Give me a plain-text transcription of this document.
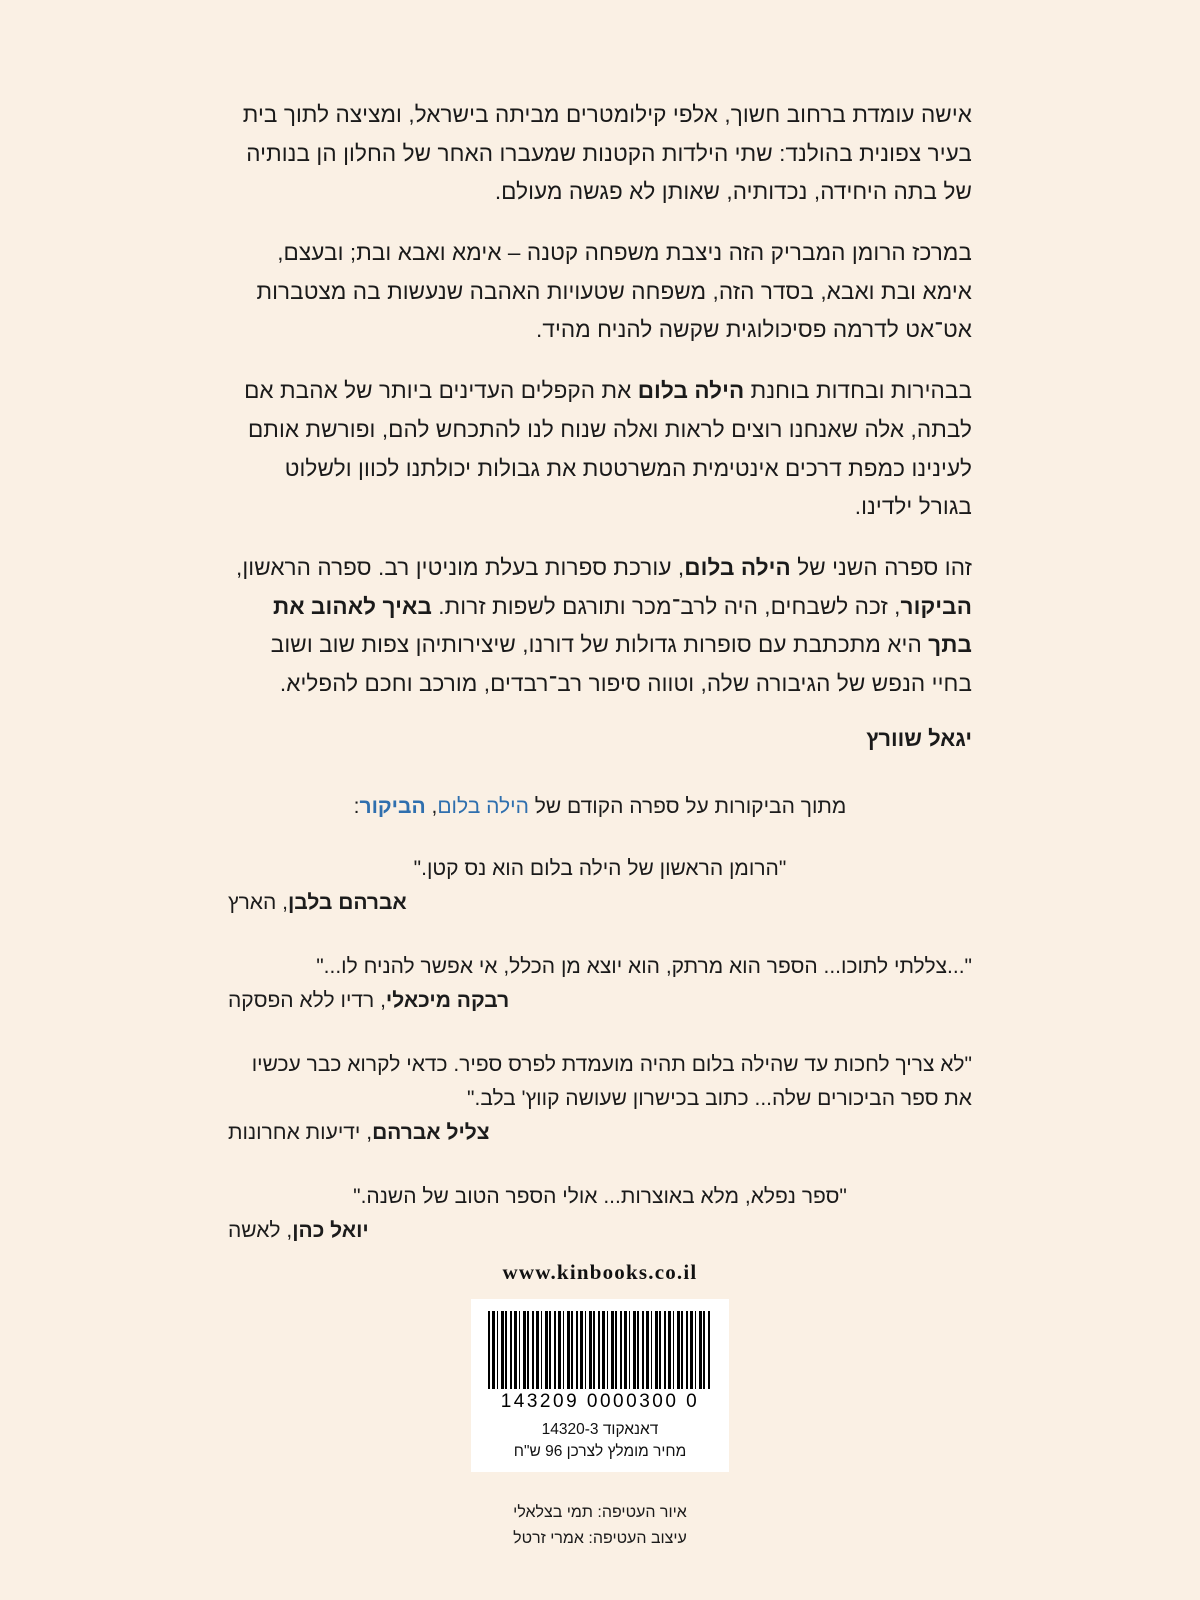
אישה עומדת ברחוב חשוך, אלפי קילומטרים מביתה בישראל, ומציצה לתוך בית בעיר צפונית בהולנד: שתי הילדות הקטנות שמעברו האחר של החלון הן בנותיה של בתה היחידה, נכדותיה, שאותן לא פגשה מעולם.

במרכז הרומן המבריק הזה ניצבת משפחה קטנה – אימא ואבא ובת; ובעצם, אימא ובת ואבא, בסדר הזה, משפחה שטעויות האהבה שנעשות בה מצטברות אט־אט לדרמה פסיכולוגית שקשה להניח מהיד.

בבהירות ובחדות בוחנת הילה בלום את הקפלים העדינים ביותר של אהבת אם לבתה, אלה שאנחנו רוצים לראות ואלה שנוח לנו להתכחש להם, ופורשת אותם לעינינו כמפת דרכים אינטימית המשרטטת את גבולות יכולתנו לכוון ולשלוט בגורל ילדינו.

זהו ספרה השני של הילה בלום, עורכת ספרות בעלת מוניטין רב. ספרה הראשון, הביקור, זכה לשבחים, היה לרב־מכר ותורגם לשפות זרות. באיך לאהוב את בתך היא מתכתבת עם סופרות גדולות של דורנו, שיצירותיהן צפות שוב ושוב בחיי הנפש של הגיבורה שלה, וטווה סיפור רב־רבדים, מורכב וחכם להפליא.

יגאל שוורץ

מתוך הביקורות על ספרה הקודם של הילה בלום, הביקור:

"הרומן הראשון של הילה בלום הוא נס קטן."
אברהם בלבן, הארץ
"...צללתי לתוכו... הספר הוא מרתק, הוא יוצא מן הכלל, אי אפשר להניח לו..."
רבקה מיכאלי, רדיו ללא הפסקה
"לא צריך לחכות עד שהילה בלום תהיה מועמדת לפרס ספיר. כדאי לקרוא כבר עכשיו את ספר הביכורים שלה... כתוב בכישרון שעושה קווץ' בלב."
צליל אברהם, ידיעות אחרונות
"ספר נפלא, מלא באוצרות... אולי הספר הטוב של השנה."
יואל כהן, לאשה
www.kinbooks.co.il
0 0000300 143209
דאנאקוד 14320-3
מחיר מומלץ לצרכן 96 ש"ח
איור העטיפה: תמי בצלאלי
עיצוב העטיפה: אמרי זרטל
